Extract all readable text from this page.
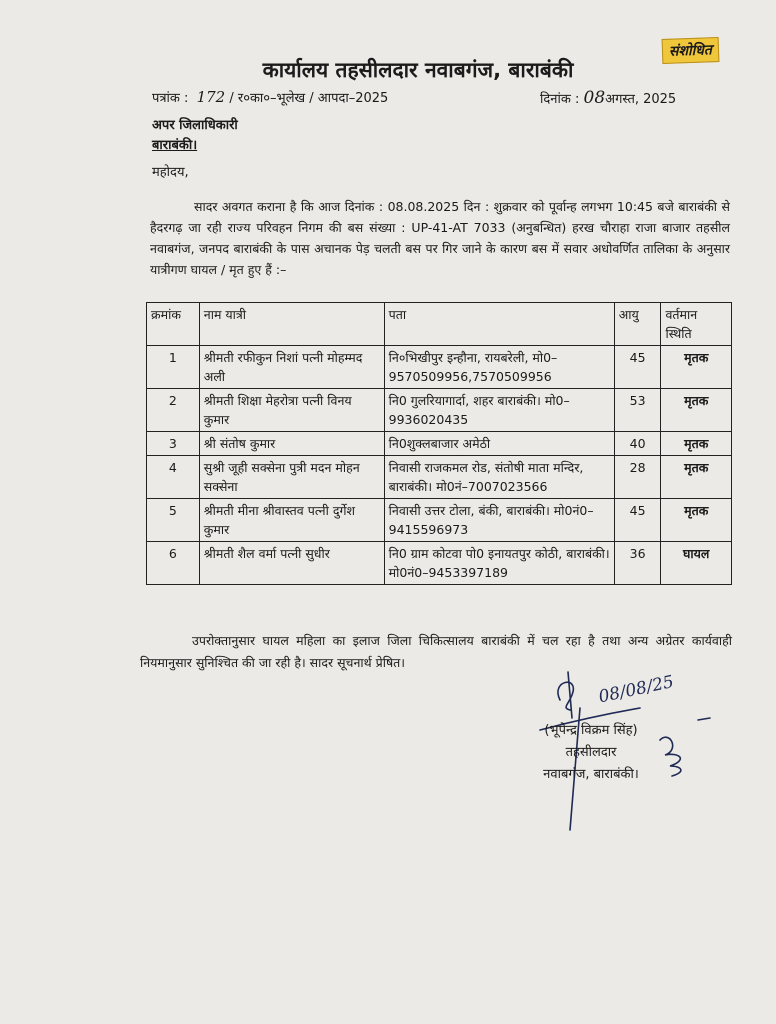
संशोधित
कार्यालय तहसीलदार नवाबगंज, बाराबंकी
पत्रांक : 172 / र०का०–भूलेख / आपदा–2025	दिनांक : 08अगस्त, 2025
अपर जिलाधिकारी
बाराबंकी।
महोदय,
सादर अवगत कराना है कि आज दिनांक : 08.08.2025 दिन : शुक्रवार को पूर्वान्ह लगभग 10:45 बजे बाराबंकी से हैदरगढ़ जा रही राज्य परिवहन निगम की बस संख्या : UP-41-AT 7033 (अनुबन्धित) हरख चौराहा राजा बाजार तहसील नवाबगंज, जनपद बाराबंकी के पास अचानक पेड़ चलती बस पर गिर जाने के कारण बस में सवार अधोवर्णित तालिका के अनुसार यात्रीगण घायल / मृत हुए हैं :–
क्रमांक	नाम यात्री	पता	आयु	वर्तमान स्थिति
1	श्रीमती रफीकुन निशां पत्नी मोहम्मद अली	नि०भिखीपुर इन्हौना, रायबरेली, मो0–9570509956,7570509956	45	मृतक
2	श्रीमती शिक्षा मेहरोत्रा पत्नी विनय कुमार	नि0 गुलरियागार्दा, शहर बाराबंकी। मो0–9936020435	53	मृतक
3	श्री संतोष कुमार	नि0शुक्लबाजार अमेठी	40	मृतक
4	सुश्री जूही सक्सेना पुत्री मदन मोहन सक्सेना	निवासी राजकमल रोड, संतोषी माता मन्दिर, बाराबंकी। मो0नं–7007023566	28	मृतक
5	श्रीमती मीना श्रीवास्तव पत्नी दुर्गेश कुमार	निवासी उत्तर टोला, बंकी, बाराबंकी। मो0नं0–9415596973	45	मृतक
6	श्रीमती शैल वर्मा पत्नी सुधीर	नि0 ग्राम कोटवा पो0 इनायतपुर कोठी, बाराबंकी। मो0नं0–9453397189	36	घायल
उपरोक्तानुसार घायल महिला का इलाज जिला चिकित्सालय बाराबंकी में चल रहा है तथा अन्य अग्रेतर कार्यवाही नियमानुसार सुनिश्चित की जा रही है। सादर सूचनार्थ प्रेषित।
08/08/25
(भूपेन्द्र विक्रम सिंह)
तहसीलदार
नवाबगंज, बाराबंकी।
